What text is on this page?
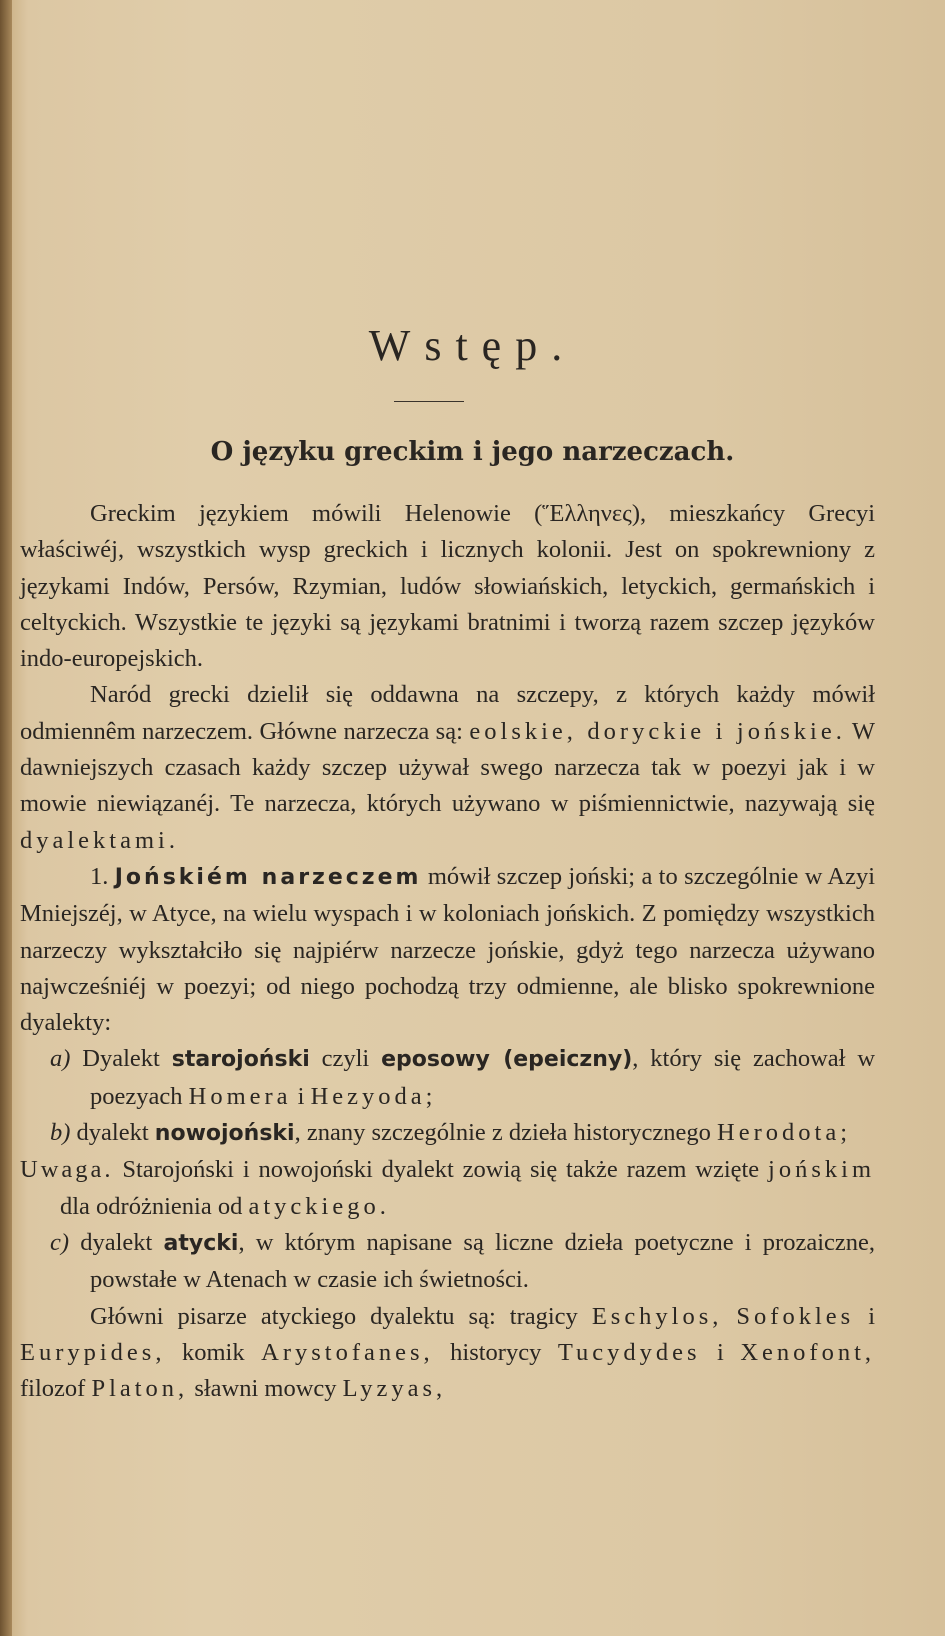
Wstęp.
O języku greckim i jego narzeczach.

Greckim językiem mówili Helenowie (Ἕλληνες), mieszkańcy Grecyi właściwéj, wszystkich wysp greckich i licznych kolonii. Jest on spokrewniony z językami Indów, Persów, Rzymian, ludów słowiańskich, letyckich, germańskich i celtyckich. Wszystkie te języki są językami bratnimi i tworzą razem szczep języków indo-europejskich.

Naród grecki dzielił się oddawna na szczepy, z których każdy mówił odmiennêm narzeczem. Główne narzecza są: eolskie, doryckie i jońskie. W dawniejszych czasach każdy szczep używał swego narzecza tak w poezyi jak i w mowie niewiązanéj. Te narzecza, których używano w piśmiennictwie, nazywają się dyalektami.

1. Jońskiém narzeczem mówił szczep joński; a to szczególnie w Azyi Mniejszéj, w Atyce, na wielu wyspach i w koloniach jońskich. Z pomiędzy wszystkich narzeczy wykształciło się najpiérw narzecze jońskie, gdyż tego narzecza używano najwcześniéj w poezyi; od niego pochodzą trzy odmienne, ale blisko spokrewnione dyalekty:

a) Dyalekt starojoński czyli eposowy (epeiczny), który się zachował w poezyach Homera i Hezyoda;

b) dyalekt nowojoński, znany szczególnie z dzieła historycznego Herodota;

Uwaga. Starojoński i nowojoński dyalekt zowią się także razem wzięte jońskim dla odróżnienia od atyckiego.

c) dyalekt atycki, w którym napisane są liczne dzieła poetyczne i prozaiczne, powstałe w Atenach w czasie ich świetności.

Główni pisarze atyckiego dyalektu są: tragicy Eschylos, Sofokles i Eurypides, komik Arystofanes, historycy Tucydydes i Xenofont, filozof Platon, sławni mowcy Lyzyas,
